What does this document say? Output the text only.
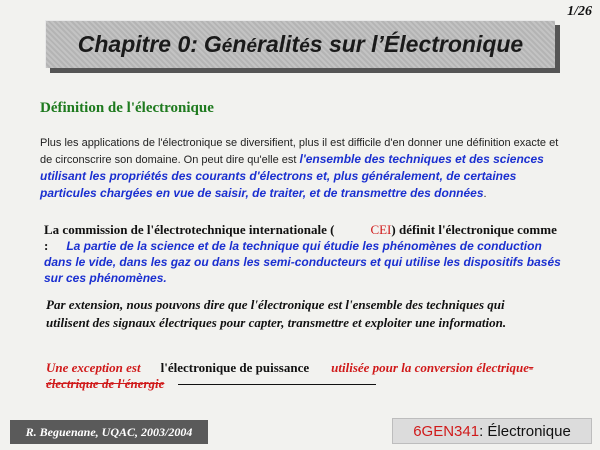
1/26
Chapitre 0: Généralités sur l’Électronique
Définition de l'électronique
Plus les applications de l'électronique se diversifient, plus il est difficile d'en donner une définition exacte et de circonscrire son domaine. On peut dire qu'elle est l'ensemble des techniques et des sciences utilisant les propriétés des courants d'électrons et, plus généralement, de certaines particules chargées en vue de saisir, de traiter, et de transmettre des données.
La commission de l'électrotechnique internationale (	CEI) définit l'électronique comme : La partie de la science et de la technique qui étudie les phénomènes de conduction dans le vide, dans les gaz ou dans les semi-conducteurs et qui utilise les dispositifs basés sur ces phénomènes.
Par extension, nous pouvons dire que l'électronique est l'ensemble des techniques qui utilisent des signaux électriques pour capter, transmettre et exploiter une information.
Une exception est l'électronique de puissance utilisée pour la conversion électrique-électrique de l'énergie
R. Beguenane, UQAC, 2003/2004	6GEN341 : Électronique
